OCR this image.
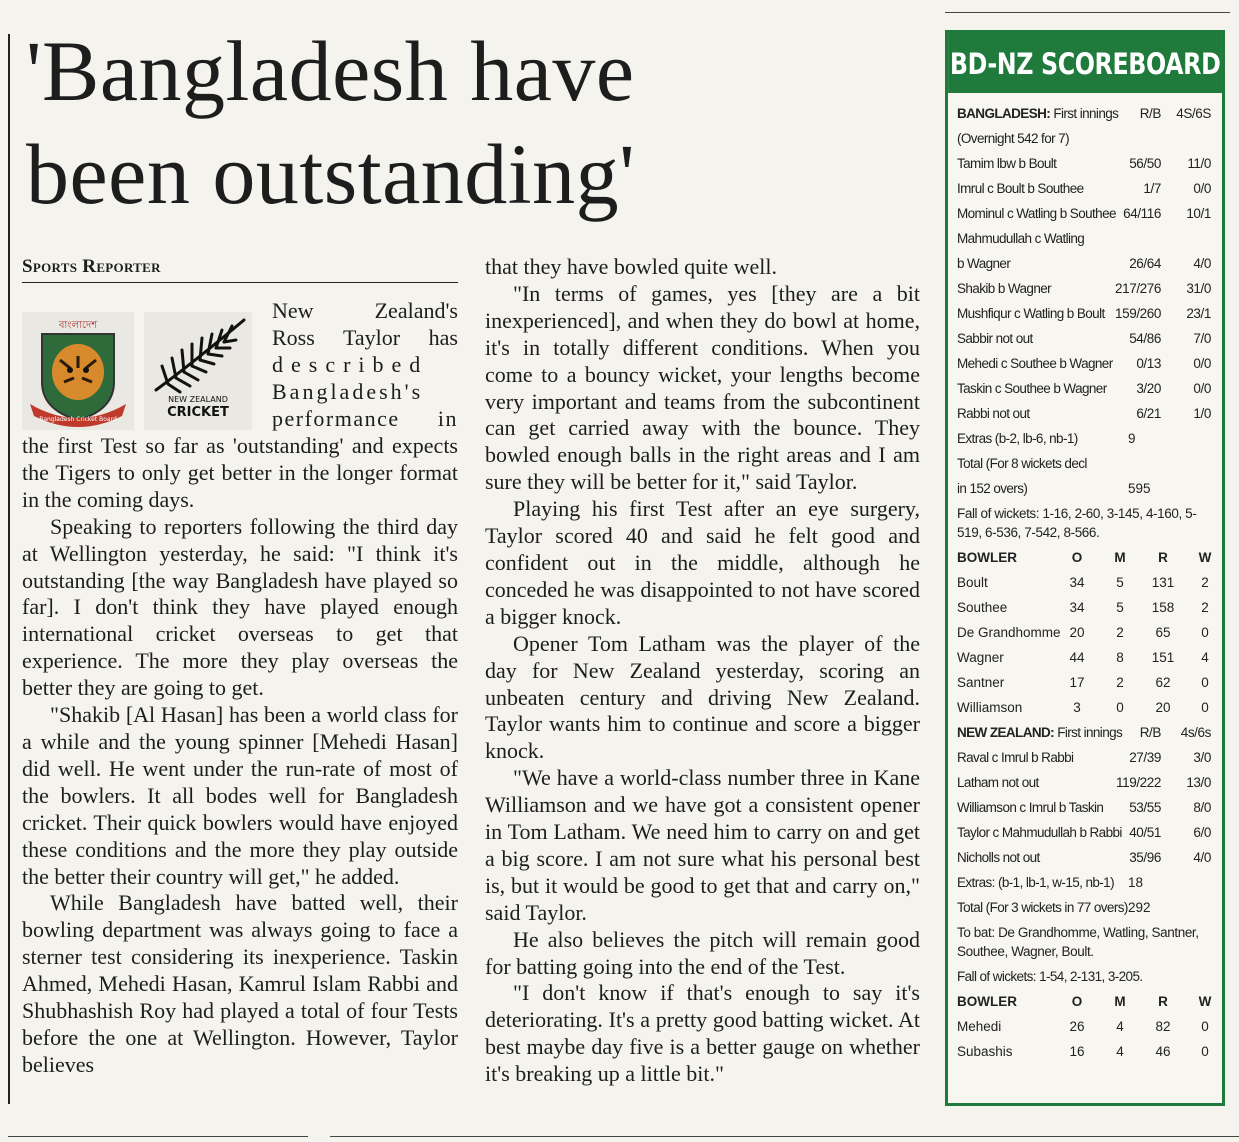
'Bangladesh have
been outstanding'
Sports Reporter
বাংলাদেশ
Bangladesh Cricket Board
NEW ZEALAND
CRICKET
New Zealand's
Ross Taylor has
described
Bangladesh's
performance in

the first Test so far as 'outstanding' and expects the Tigers to only get better in the longer format in the coming days.

Speaking to reporters following the third day at Wellington yesterday, he said: "I think it's outstanding [the way Bangladesh have played so far]. I don't think they have played enough international cricket overseas to get that experience. The more they play overseas the better they are going to get.

"Shakib [Al Hasan] has been a world class for a while and the young spinner [Mehedi Hasan] did well. He went under the run-rate of most of the bowlers. It all bodes well for Bangladesh cricket. Their quick bowlers would have enjoyed these conditions and the more they play outside the better their country will get," he added.

While Bangladesh have batted well, their bowling department was always going to face a sterner test considering its inexperience. Taskin Ahmed, Mehedi Hasan, Kamrul Islam Rabbi and Shubhashish Roy had played a total of four Tests before the one at Wellington. However, Taylor believes

that they have bowled quite well.

"In terms of games, yes [they are a bit inexperienced], and when they do bowl at home, it's in totally different conditions. When you come to a bouncy wicket, your lengths become very important and teams from the subcontinent can get carried away with the bounce. They bowled enough balls in the right areas and I am sure they will be better for it," said Taylor.

Playing his first Test after an eye surgery, Taylor scored 40 and said he felt good and confident out in the middle, although he conceded he was disappointed to not have scored a bigger knock.

Opener Tom Latham was the player of the day for New Zealand yesterday, scoring an unbeaten century and driving New Zealand. Taylor wants him to continue and score a bigger knock.

"We have a world-class number three in Kane Williamson and we have got a consistent opener in Tom Latham. We need him to carry on and get a big score. I am not sure what his personal best is, but it would be good to get that and carry on," said Taylor.

He also believes the pitch will remain good for batting going into the end of the Test.

"I don't know if that's enough to say it's deteriorating. It's a pretty good batting wicket. At best maybe day five is a better gauge on whether it's breaking up a little bit."

BD-NZ SCOREBOARD
BANGLADESH: First innings R/B 4S/6S
(Overnight 542 for 7)
Tamim lbw b Boult	56/50 11/0
Imrul c Boult b Southee	1/7 0/0
Mominul c Watling b Southee 64/116 10/1
Mahmudullah c Watling
b Wagner	26/64 4/0
Shakib b Wagner	217/276 31/0
Mushfiqur c Watling b Boult 159/260 23/1
Sabbir not out	54/86 7/0
Mehedi c Southee b Wagner 0/13 0/0
Taskin c Southee b Wagner 3/20 0/0
Rabbi not out	6/21 1/0
Extras (b-2, lb-6, nb-1)	9
Total (For 8 wickets decl
in 152 overs)	595
Fall of wickets: 1-16, 2-60, 3-145, 4-160, 5-519, 6-536, 7-542, 8-566.
BOWLER	O	M	R	W
Boult	34	5	131	2
Southee	34	5	158	2
De Grandhomme 20	2	65	0
Wagner	44	8	151	4
Santner	17	2	62	0
Williamson	3	0	20	0
NEW ZEALAND: First innings R/B 4s/6s
Raval c Imrul b Rabbi	27/39 3/0
Latham not out	119/222 13/0
Williamson c Imrul b Taskin 53/55 8/0
Taylor c Mahmudullah b Rabbi 40/51 6/0
Nicholls not out	35/96 4/0
Extras: (b-1, lb-1, w-15, nb-1) 18
Total (For 3 wickets in 77 overs) 292
To bat: De Grandhomme, Watling, Santner, Southee, Wagner, Boult.
Fall of wickets: 1-54, 2-131, 3-205.
BOWLER	O	M	R	W
Mehedi	26	4	82	0
Subashis	16	4	46	0
